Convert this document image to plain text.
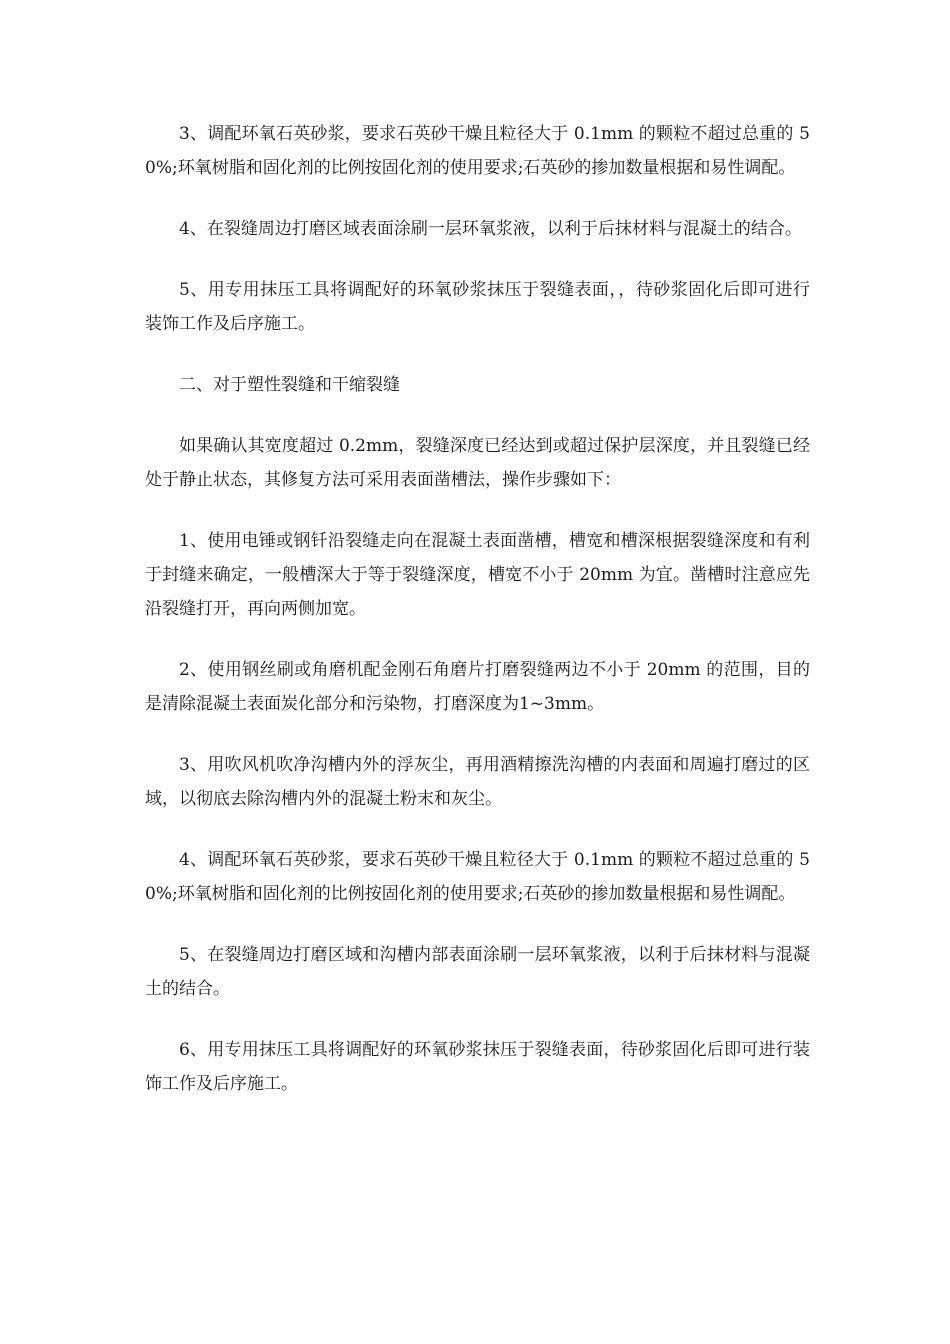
3、调配环氧石英砂浆，要求石英砂干燥且粒径大于 0.1mm 的颗粒不超过总重的 50%;环氧树脂和固化剂的比例按固化剂的使用要求;石英砂的掺加数量根据和易性调配。

4、在裂缝周边打磨区域表面涂刷一层环氧浆液，以利于后抹材料与混凝土的结合。

5、用专用抹压工具将调配好的环氧砂浆抹压于裂缝表面，，待砂浆固化后即可进行装饰工作及后序施工。

二、对于塑性裂缝和干缩裂缝

如果确认其宽度超过 0.2mm，裂缝深度已经达到或超过保护层深度，并且裂缝已经处于静止状态，其修复方法可采用表面凿槽法，操作步骤如下：

1、使用电锤或钢钎沿裂缝走向在混凝土表面凿槽，槽宽和槽深根据裂缝深度和有利于封缝来确定，一般槽深大于等于裂缝深度，槽宽不小于 20mm 为宜。凿槽时注意应先沿裂缝打开，再向两侧加宽。

2、使用钢丝刷或角磨机配金刚石角磨片打磨裂缝两边不小于 20mm 的范围，目的是清除混凝土表面炭化部分和污染物，打磨深度为1~3mm。

3、用吹风机吹净沟槽内外的浮灰尘，再用酒精擦洗沟槽的内表面和周遍打磨过的区域，以彻底去除沟槽内外的混凝土粉末和灰尘。

4、调配环氧石英砂浆，要求石英砂干燥且粒径大于 0.1mm 的颗粒不超过总重的 50%;环氧树脂和固化剂的比例按固化剂的使用要求;石英砂的掺加数量根据和易性调配。

5、在裂缝周边打磨区域和沟槽内部表面涂刷一层环氧浆液，以利于后抹材料与混凝土的结合。

6、用专用抹压工具将调配好的环氧砂浆抹压于裂缝表面，待砂浆固化后即可进行装饰工作及后序施工。
